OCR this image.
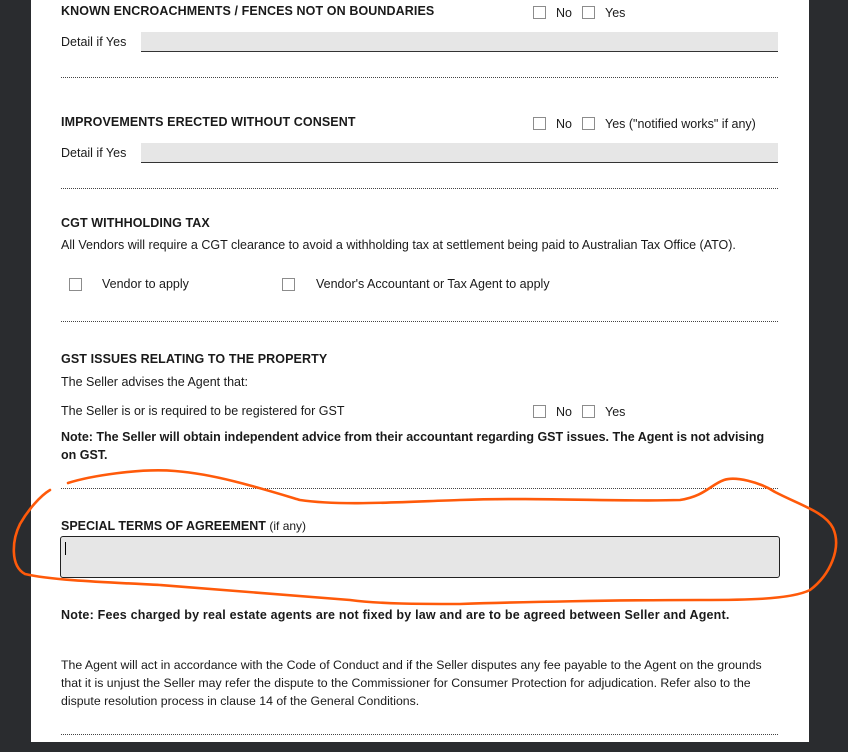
KNOWN ENCROACHMENTS / FENCES NOT ON BOUNDARIES	No	Yes
Detail if Yes
IMPROVEMENTS ERECTED WITHOUT CONSENT	No	Yes ("notified works" if any)
Detail if Yes
CGT WITHHOLDING TAX
All Vendors will require a CGT clearance to avoid a withholding tax at settlement being paid to Australian Tax Office (ATO).
Vendor to apply	Vendor's Accountant or Tax Agent to apply
GST ISSUES RELATING TO THE PROPERTY
The Seller advises the Agent that:
The Seller is or is required to be registered for GST	No	Yes
Note: The Seller will obtain independent advice from their accountant regarding GST issues. The Agent is not advising on GST.
SPECIAL TERMS OF AGREEMENT (if any)
Note: Fees charged by real estate agents are not fixed by law and are to be agreed between Seller and Agent.
The Agent will act in accordance with the Code of Conduct and if the Seller disputes any fee payable to the Agent on the grounds that it is unjust the Seller may refer the dispute to the Commissioner for Consumer Protection for adjudication. Refer also to the dispute resolution process in clause 14 of the General Conditions.
